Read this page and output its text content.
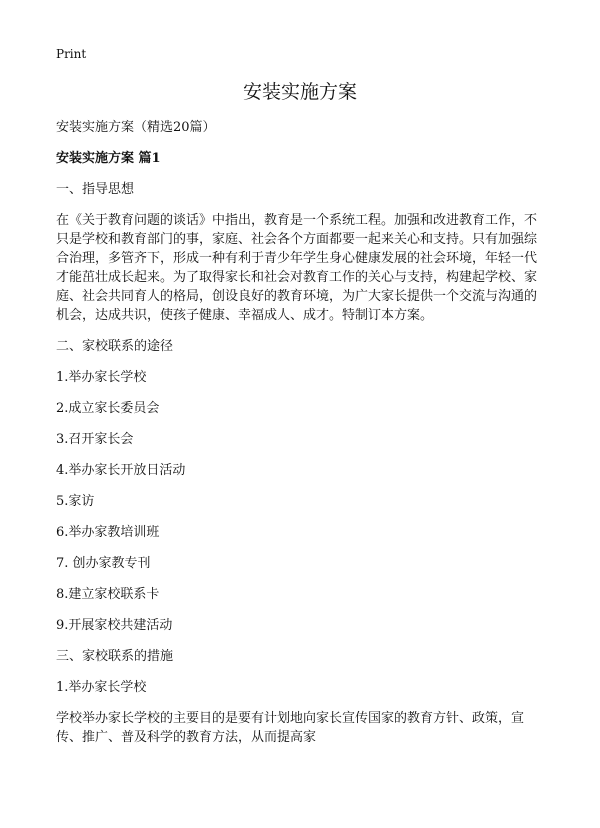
Print
安装实施方案

安装实施方案（精选20篇）

安装实施方案 篇1

一、指导思想

在《关于教育问题的谈话》中指出，教育是一个系统工程。加强和改进教育工作，不只是学校和教育部门的事，家庭、社会各个方面都要一起来关心和支持。只有加强综合治理，多管齐下，形成一种有利于青少年学生身心健康发展的社会环境，年轻一代才能茁壮成长起来。为了取得家长和社会对教育工作的关心与支持，构建起学校、家庭、社会共同育人的格局，创设良好的教育环境，为广大家长提供一个交流与沟通的机会，达成共识，使孩子健康、幸福成人、成才。特制订本方案。

二、家校联系的途径

1.举办家长学校

2.成立家长委员会

3.召开家长会

4.举办家长开放日活动

5.家访

6.举办家教培训班

7. 创办家教专刊

8.建立家校联系卡

9.开展家校共建活动

三、家校联系的措施

1.举办家长学校

学校举办家长学校的主要目的是要有计划地向家长宣传国家的教育方针、政策，宣传、推广、普及科学的教育方法，从而提高家
